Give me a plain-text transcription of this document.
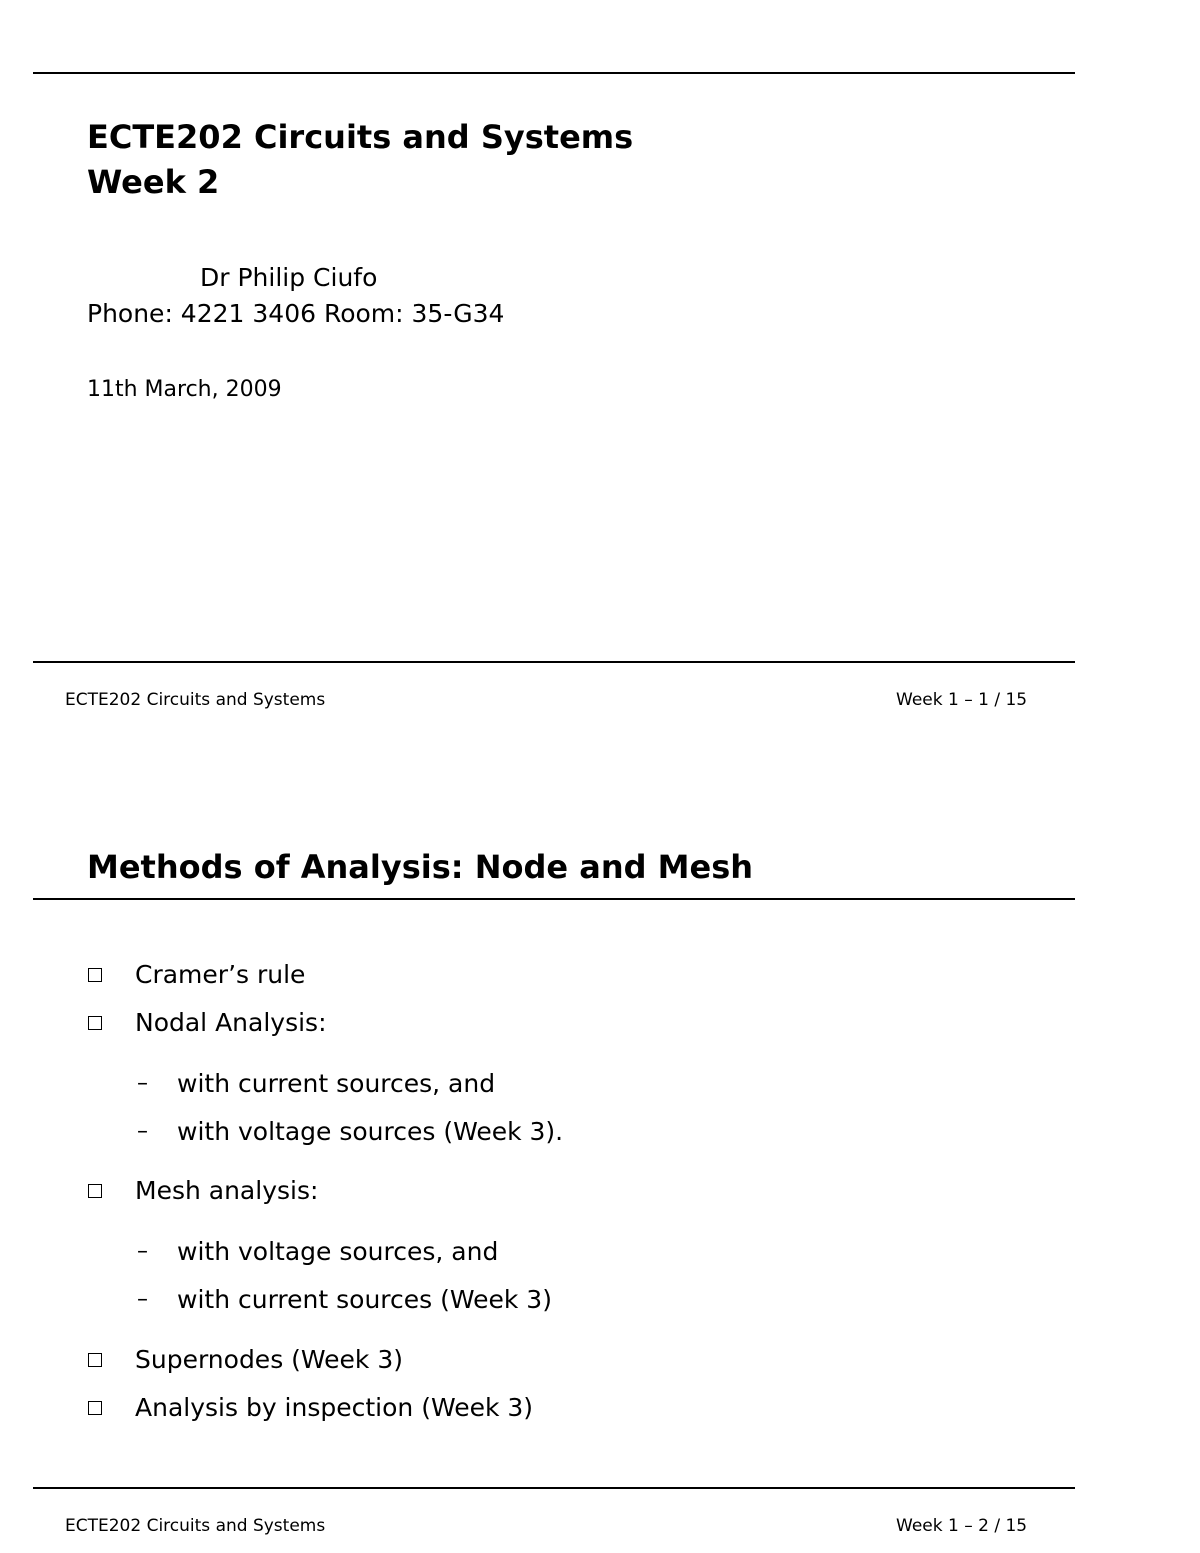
ECTE202 Circuits and Systems
Week 2
Dr Philip Ciufo
Phone: 4221 3406 Room: 35-G34
11th March, 2009
ECTE202 Circuits and Systems	Week 1 – 1 / 15
Methods of Analysis: Node and Mesh
Cramer’s rule
Nodal Analysis:
– with current sources, and
– with voltage sources (Week 3).
Mesh analysis:
– with voltage sources, and
– with current sources (Week 3)
Supernodes (Week 3)
Analysis by inspection (Week 3)
ECTE202 Circuits and Systems	Week 1 – 2 / 15
